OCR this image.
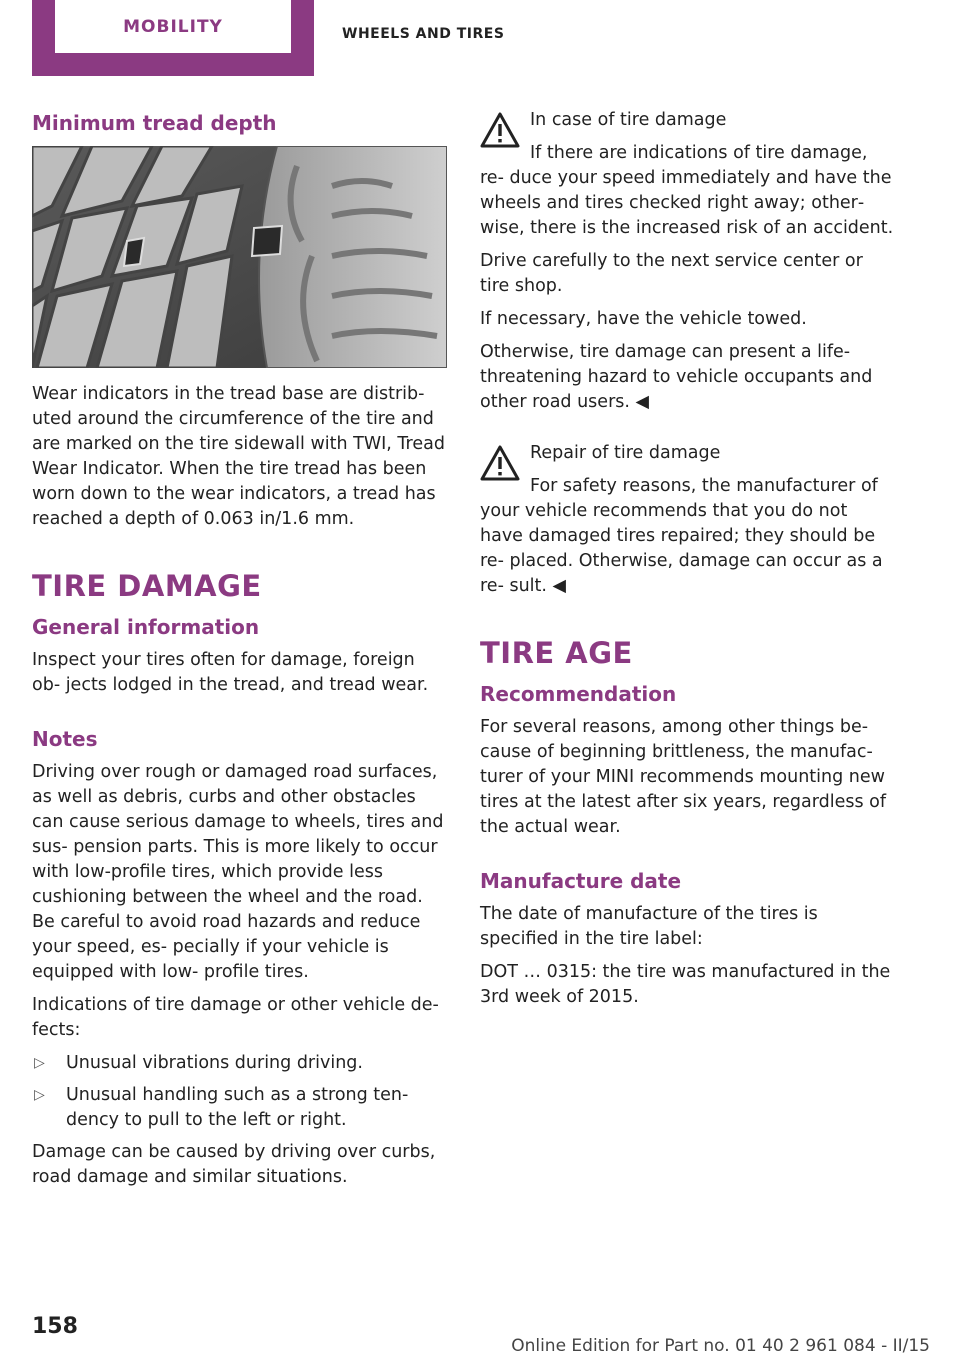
MOBILITY	WHEELS AND TIRES
Minimum tread depth

Wear indicators in the tread base are distrib‐ uted around the circumference of the tire and are marked on the tire sidewall with TWI, Tread Wear Indicator. When the tire tread has been worn down to the wear indicators, a tread has reached a depth of 0.063 in/1.6 mm.

TIRE DAMAGE
General information

Inspect your tires often for damage, foreign ob‐ jects lodged in the tread, and tread wear.

Notes

Driving over rough or damaged road surfaces, as well as debris, curbs and other obstacles can cause serious damage to wheels, tires and sus‐ pension parts. This is more likely to occur with low-profile tires, which provide less cushioning between the wheel and the road. Be careful to avoid road hazards and reduce your speed, es‐ pecially if your vehicle is equipped with low- profile tires.

Indications of tire damage or other vehicle de‐ fects:

▷ Unusual vibrations during driving.
▷ Unusual handling such as a strong ten‐ dency to pull to the left or right.

Damage can be caused by driving over curbs, road damage and similar situations.

In case of tire damage

If there are indications of tire damage, re‐ duce your speed immediately and have the wheels and tires checked right away; other‐ wise, there is the increased risk of an accident.

Drive carefully to the next service center or tire shop.

If necessary, have the vehicle towed.

Otherwise, tire damage can present a life- threatening hazard to vehicle occupants and other road users. ◀

Repair of tire damage

For safety reasons, the manufacturer of your vehicle recommends that you do not have damaged tires repaired; they should be re‐ placed. Otherwise, damage can occur as a re‐ sult. ◀

TIRE AGE
Recommendation

For several reasons, among other things be‐ cause of beginning brittleness, the manufac‐ turer of your MINI recommends mounting new tires at the latest after six years, regardless of the actual wear.

Manufacture date

The date of manufacture of the tires is specified in the tire label:

DOT … 0315: the tire was manufactured in the 3rd week of 2015.

158
Online Edition for Part no. 01 40 2 961 084 - II/15
